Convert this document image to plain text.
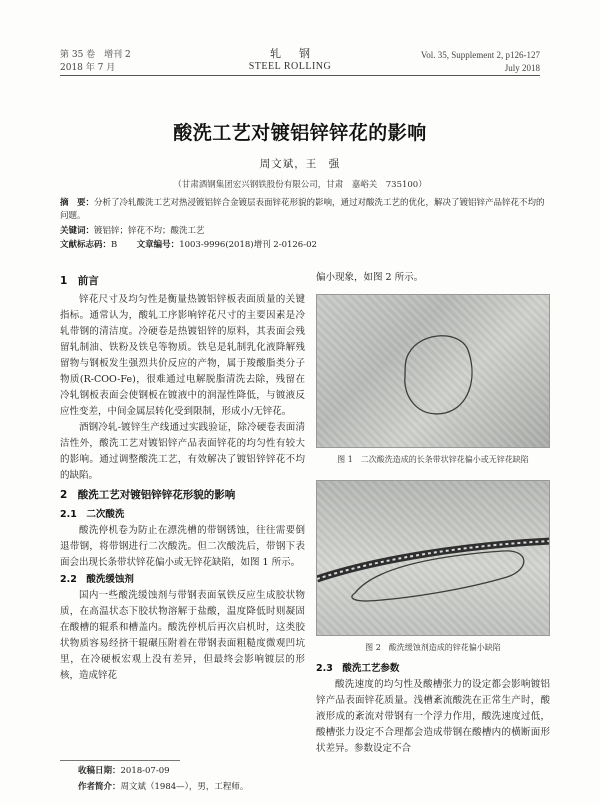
第 35 卷　增刊 2
2018 年 7 月
轧钢
STEEL ROLLING
Vol. 35, Supplement 2, p126-127
July 2018
酸洗工艺对镀铝锌锌花的影响
周文斌，王　强
（甘肃酒钢集团宏兴钢铁股份有限公司，甘肃　嘉峪关　735100）
摘　要：分析了冷轧酸洗工艺对热浸镀铝锌合金镀层表面锌花形貌的影响，通过对酸洗工艺的优化，解决了镀铝锌产品锌花不均的问题。
关键词：镀铝锌；锌花不均；酸洗工艺
文献标志码：B 文章编号：1003-9996(2018)增刊 2-0126-02
1　前言
锌花尺寸及均匀性是衡量热镀铝锌板表面质量的关键指标。通常认为，酸轧工序影响锌花尺寸的主要因素是冷轧带钢的清洁度。冷硬卷是热镀铝锌的原料，其表面会残留轧制油、铁粉及铁皂等物质。铁皂是轧制乳化液降解残留物与钢板发生强烈共价反应的产物，属于羧酸脂类分子物质(R-COO-Fe)，很难通过电解脱脂清洗去除，残留在冷轧钢板表面会使钢板在镀液中的润湿性降低，与镀液反应性变差，中间金属层转化受到限制，形成小/无锌花。
酒钢冷轧-镀锌生产线通过实践验证，除冷硬卷表面清洁性外，酸洗工艺对镀铝锌产品表面锌花的均匀性有较大的影响。通过调整酸洗工艺，有效解决了镀铝锌锌花不均的缺陷。
2　酸洗工艺对镀铝锌锌花形貌的影响
2.1　二次酸洗
酸洗停机卷为防止在漂洗槽的带钢锈蚀，往往需要倒退带钢，将带钢进行二次酸洗。但二次酸洗后，带钢下表面会出现长条带状锌花偏小或无锌花缺陷，如图 1 所示。
2.2　酸洗缓蚀剂
国内一些酸洗缓蚀剂与带钢表面氧铁反应生成胶状物质，在高温状态下胶状物溶解于盐酸，温度降低时则凝固在酸槽的辊系和槽盖内。酸洗停机后再次启机时，这类胶状物质容易经挤干辊碾压附着在带钢表面粗糙度微观凹坑里，在冷硬板宏观上没有差异，但最终会影响镀层的形核，造成锌花
偏小现象，如图 2 所示。
图 1　二次酸洗造成的长条带状锌花偏小或无锌花缺陷
图 2　酸洗缓蚀剂造成的锌花偏小缺陷
2.3　酸洗工艺参数
酸洗速度的均匀性及酸槽张力的设定都会影响镀铝锌产品表面锌花质量。浅槽紊流酸洗在正常生产时，酸液形成的紊流对带钢有一个浮力作用，酸洗速度过低，酸槽张力设定不合理都会造成带钢在酸槽内的横断面形状差异。参数设定不合
收稿日期：2018-07-09
作者简介：周文斌（1984—），男，工程师。
